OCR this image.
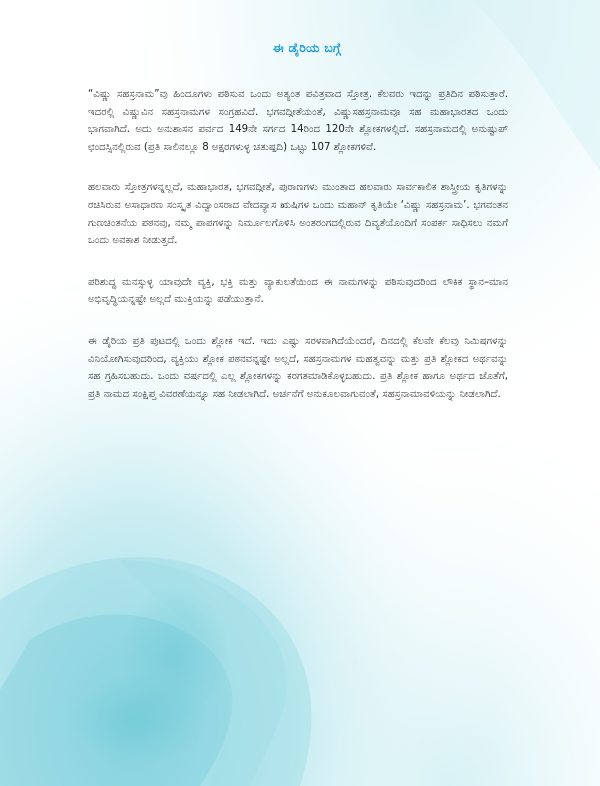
ಈ ಡೈರಿಯ ಬಗ್ಗೆ

“ವಿಷ್ಣು ಸಹಸ್ರನಾಮ”ವು ಹಿಂದೂಗಳು ಪಠಿಸುವ ಒಂದು ಅತ್ಯಂತ ಪವಿತ್ರವಾದ ಸ್ತೋತ್ರ. ಕೆಲವರು ಇದನ್ನು ಪ್ರತಿದಿನ ಪಠಿಸುತ್ತಾರೆ. ಇದರಲ್ಲಿ ವಿಷ್ಣುವಿನ ಸಹಸ್ರನಾಮಗಳ ಸಂಗ್ರಹವಿದೆ. ಭಗವದ್ಗೀತೆಯಂತೆ, ವಿಷ್ಣುಸಹಸ್ರನಾಮವೂ ಸಹ ಮಹಾಭಾರತದ ಒಂದು ಭಾಗವಾಗಿದೆ. ಅದು ಅನುಶಾಸನ ಪರ್ವದ 149ನೇ ಸರ್ಗದ 14ರಿಂದ 120ನೇ ಶ್ಲೋಕಗಳಲ್ಲಿದೆ. ಸಹಸ್ರನಾಮದಲ್ಲಿ ಅನುಷ್ಟುಪ್ ಛಂದಸ್ಸಿನಲ್ಲಿರುವ (ಪ್ರತಿ ಸಾಲಿನಲ್ಲೂ 8 ಅಕ್ಷರಗಳುಳ್ಳ ಚತುಷ್ಪದಿ) ಒಟ್ಟು 107 ಶ್ಲೋಕಗಳಿವೆ.

ಹಲವಾರು ಸ್ತೋತ್ರಗಳನ್ನಲ್ಲದೆ, ಮಹಾಭಾರತ, ಭಗವದ್ಗೀತೆ, ಪುರಾಣಗಳು ಮುಂತಾದ ಹಲವಾರು ಸಾರ್ವಕಾಲಿಕ ಶಾಸ್ತ್ರೀಯ ಕೃತಿಗಳನ್ನು ರಚಿಸಿರುವ ಅಸಾಧಾರಣ ಸಂಸ್ಕೃತ ವಿದ್ವಾಂಸರಾದ ವೇದವ್ಯಾಸ ಋಷಿಗಳ ಒಂದು ಮಹಾನ್ ಕೃತಿಯೇ ‘ವಿಷ್ಣು ಸಹಸ್ರನಾಮ’. ಭಗವಂತನ ಗುಣಚಿಂತನೆಯ ಪಠನವು, ನಮ್ಮ ಪಾಪಗಳನ್ನು ನಿರ್ಮೂಲಗೊಳಿಸಿ ಅಂತರಂಗದಲ್ಲಿರುವ ದಿವ್ಯತೆಯೊಂದಿಗೆ ಸಂಪರ್ಕ ಸಾಧಿಸಲು ನಮಗೆ ಒಂದು ಅವಕಾಶ ನೀಡುತ್ತದೆ.

ಪರಿಶುದ್ಧ ಮನಸ್ಸುಳ್ಳ ಯಾವುದೇ ವ್ಯಕ್ತಿ, ಭಕ್ತಿ ಮತ್ತು ವ್ಯಾಕುಲತೆಯಿಂದ ಈ ನಾಮಗಳನ್ನು ಪಠಿಸುವುದರಿಂದ ಲೌಕಿಕ ಸ್ಥಾನ–ಮಾನ ಅಭಿವೃದ್ಧಿಯನ್ನಷ್ಟೇ ಅಲ್ಲದೆ ಮುಕ್ತಿಯನ್ನು ಪಡೆಯುತ್ತಾನೆ.

ಈ ಡೈರಿಯ ಪ್ರತಿ ಪುಟದಲ್ಲಿ ಒಂದು ಶ್ಲೋಕ ಇದೆ. ಇದು ಎಷ್ಟು ಸರಳವಾಗಿದೆಯೆಂದರೆ, ದಿನದಲ್ಲಿ ಕೆಲವೇ ಕೆಲವು ನಿಮಿಷಗಳನ್ನು ವಿನಿಯೋಗಿಸುವುದರಿಂದ, ವ್ಯಕ್ತಿಯು ಶ್ಲೋಕ ಪಠನವನ್ನಷ್ಟೇ ಅಲ್ಲದೆ, ಸಹಸ್ರನಾಮಗಳ ಮಹತ್ವವನ್ನು ಮತ್ತು ಪ್ರತಿ ಶ್ಲೋಕದ ಅರ್ಥವನ್ನು ಸಹ ಗ್ರಹಿಸಬಹುದು. ಒಂದು ವರ್ಷದಲ್ಲಿ ಎಲ್ಲ ಶ್ಲೋಕಗಳನ್ನು ಕರಗತಮಾಡಿಕೊಳ್ಳಬಹುದು. ಪ್ರತಿ ಶ್ಲೋಕ ಹಾಗೂ ಅರ್ಥದ ಜೊತೆಗೆ, ಪ್ರತಿ ನಾಮದ ಸಂಕ್ಷಿಪ್ತ ವಿವರಣೆಯನ್ನೂ ಸಹ ನೀಡಲಾಗಿದೆ. ಅರ್ಚನೆಗೆ ಅನುಕೂಲವಾಗುವಂತೆ, ಸಹಸ್ರನಾಮಾವಳಿಯನ್ನು ನೀಡಲಾಗಿದೆ.
